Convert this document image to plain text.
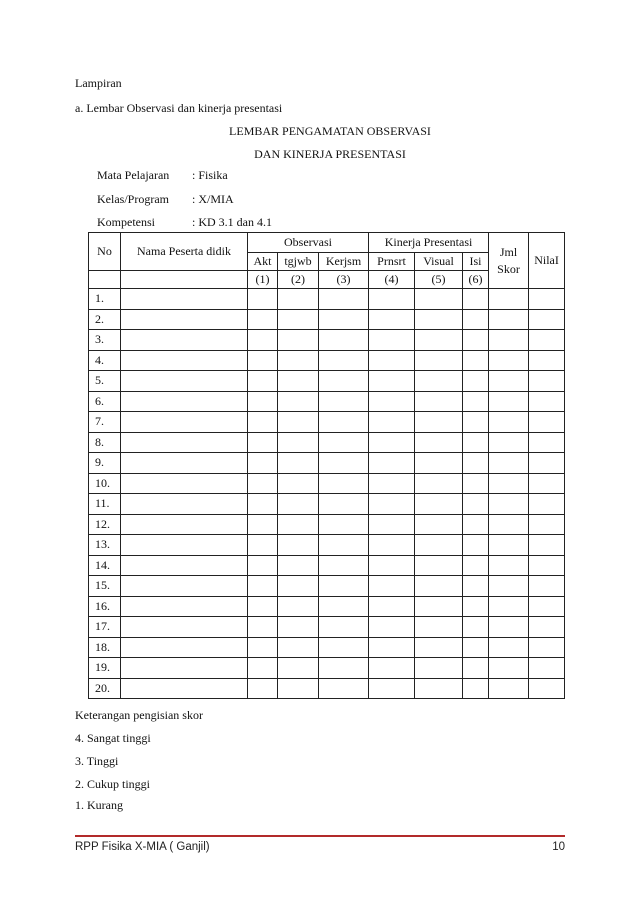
Lampiran
a. Lembar Observasi dan kinerja presentasi
LEMBAR PENGAMATAN OBSERVASI
DAN KINERJA PRESENTASI
Mata Pelajaran : Fisika
Kelas/Program : X/MIA
Kompetensi	: KD 3.1 dan 4.1
No	Nama Peserta didik	Observasi			Kinerja Presentasi			Jml Skor	NilaI
		Akt	tgjwb	Kerjsm	Prnsrt	Visual	Isi		
		(1)	(2)	(3)	(4)	(5)	(6)		
1.									
2.									
3.									
4.									
5.									
6.									
7.									
8.									
9.									
10.									
11.									
12.									
13.									
14.									
15.									
16.									
17.									
18.									
19.									
20.									
Keterangan pengisian skor
4. Sangat tinggi
3. Tinggi
2. Cukup tinggi
1. Kurang
RPP Fisika X-MIA ( Ganjil)	10
